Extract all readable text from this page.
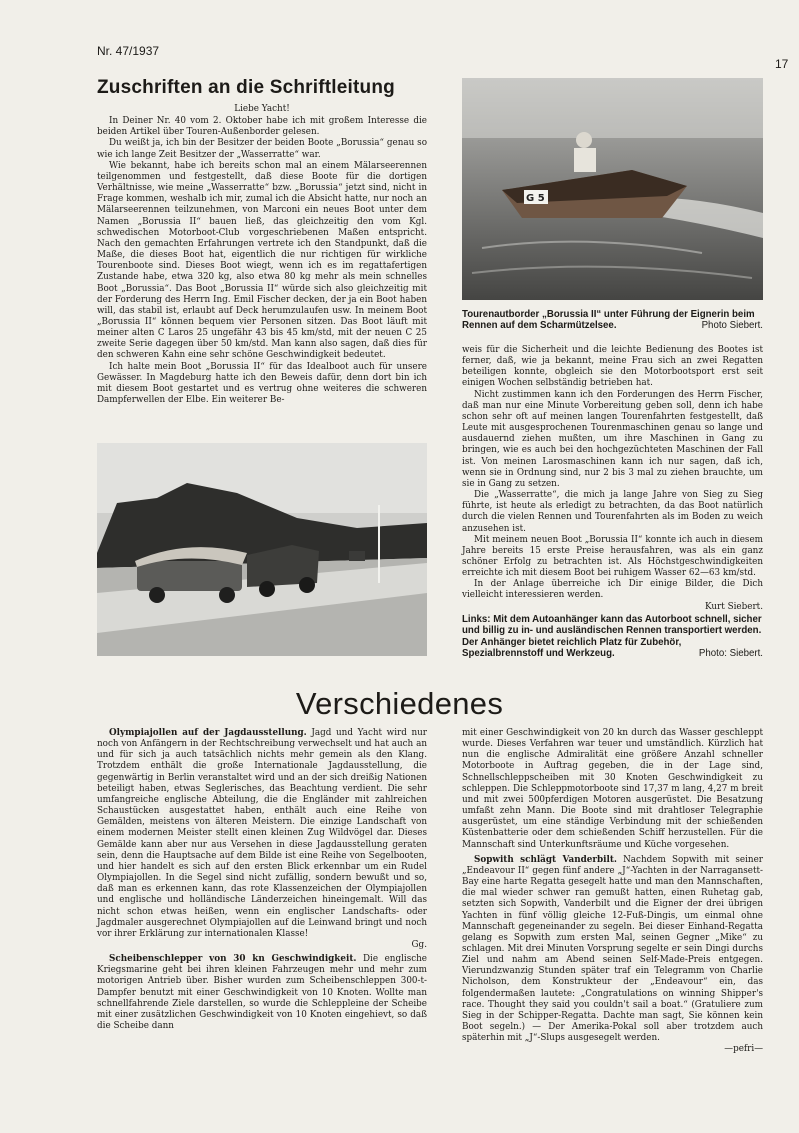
Nr. 47/1937
17
Zuschriften an die Schriftleitung

Liebe Yacht!

In Deiner Nr. 40 vom 2. Oktober habe ich mit großem Interesse die beiden Artikel über Touren-Außenborder gelesen.

Du weißt ja, ich bin der Besitzer der beiden Boote „Borussia“ genau so wie ich lange Zeit Besitzer der „Wasserratte“ war.

Wie bekannt, habe ich bereits schon mal an einem Mälarseerennen teilgenommen und festgestellt, daß diese Boote für die dortigen Verhältnisse, wie meine „Wasserratte“ bzw. „Borussia“ jetzt sind, nicht in Frage kommen, weshalb ich mir, zumal ich die Absicht hatte, nur noch an Mälarseerennen teilzunehmen, von Marconi ein neues Boot unter dem Namen „Borussia II“ bauen ließ, das gleichzeitig den vom Kgl. schwedischen Motorboot-Club vorgeschriebenen Maßen entspricht. Nach den gemachten Erfahrungen vertrete ich den Standpunkt, daß die Maße, die dieses Boot hat, eigentlich die nur richtigen für wirkliche Tourenboote sind. Dieses Boot wiegt, wenn ich es im regattafertigen Zustande habe, etwa 320 kg, also etwa 80 kg mehr als mein schnelles Boot „Borussia“. Das Boot „Borussia II“ würde sich also gleichzeitig mit der Forderung des Herrn Ing. Emil Fischer decken, der ja ein Boot haben will, das stabil ist, erlaubt auf Deck herumzulaufen usw. In meinem Boot „Borussia II“ können bequem vier Personen sitzen. Das Boot läuft mit meiner alten C Laros 25 ungefähr 43 bis 45 km/std, mit der neuen C 25 zweite Serie dagegen über 50 km/std. Man kann also sagen, daß dies für den schweren Kahn eine sehr schöne Geschwindigkeit bedeutet.

Ich halte mein Boot „Borussia II“ für das Idealboot auch für unsere Gewässer. In Magdeburg hatte ich den Beweis dafür, denn dort bin ich mit diesem Boot gestartet und es vertrug ohne weiteres die schweren Dampferwellen der Elbe. Ein weiterer Be-

G 5
Tourenautborder „Borussia II“ unter Führung der Eignerin beim Rennen auf dem Scharmützelsee.	Photo Siebert.

weis für die Sicherheit und die leichte Bedienung des Bootes ist ferner, daß, wie ja bekannt, meine Frau sich an zwei Regatten beteiligen konnte, obgleich sie den Motorbootsport erst seit einigen Wochen selbständig betrieben hat.

Nicht zustimmen kann ich den Forderungen des Herrn Fischer, daß man nur eine Minute Vorbereitung geben soll, denn ich habe schon sehr oft auf meinen langen Tourenfahrten festgestellt, daß Leute mit ausgesprochenen Tourenmaschinen genau so lange und ausdauernd ziehen mußten, um ihre Maschinen in Gang zu bringen, wie es auch bei den hochgezüchteten Maschinen der Fall ist. Von meinen Larosmaschinen kann ich nur sagen, daß ich, wenn sie in Ordnung sind, nur 2 bis 3 mal zu ziehen brauchte, um sie in Gang zu setzen.

Die „Wasserratte“, die mich ja lange Jahre von Sieg zu Sieg führte, ist heute als erledigt zu betrachten, da das Boot natürlich durch die vielen Rennen und Tourenfahrten als im Boden zu weich anzusehen ist.

Mit meinem neuen Boot „Borussia II“ konnte ich auch in diesem Jahre bereits 15 erste Preise herausfahren, was als ein ganz schöner Erfolg zu betrachten ist. Als Höchstgeschwindigkeiten erreichte ich mit diesem Boot bei ruhigem Wasser 62—63 km/std.

In der Anlage überreiche ich Dir einige Bilder, die Dich vielleicht interessieren werden.

Kurt Siebert.
Links: Mit dem Autoanhänger kann das Autorboot schnell, sicher und billig zu in- und ausländischen Rennen transportiert werden. Der Anhänger bietet reichlich Platz für Zubehör, Spezialbrennstoff und Werkzeug.	Photo: Siebert.
Verschiedenes

Olympiajollen auf der Jagdausstellung. Jagd und Yacht wird nur noch von Anfängern in der Rechtschreibung verwechselt und hat auch an und für sich ja auch tatsächlich nichts mehr gemein als den Klang. Trotzdem enthält die große Internationale Jagdausstellung, die gegenwärtig in Berlin veranstaltet wird und an der sich dreißig Nationen beteiligt haben, etwas Seglerisches, das Beachtung verdient. Die sehr umfangreiche englische Abteilung, die die Engländer mit zahlreichen Schaustücken ausgestattet haben, enthält auch eine Reihe von Gemälden, meistens von älteren Meistern. Die einzige Landschaft von einem modernen Meister stellt einen kleinen Zug Wildvögel dar. Dieses Gemälde kann aber nur aus Versehen in diese Jagdausstellung geraten sein, denn die Hauptsache auf dem Bilde ist eine Reihe von Segelbooten, und hier handelt es sich auf den ersten Blick erkennbar um ein Rudel Olympiajollen. In die Segel sind nicht zufällig, sondern bewußt und so, daß man es erkennen kann, das rote Klassenzeichen der Olympiajollen und englische und holländische Länderzeichen hineingemalt. Will das nicht schon etwas heißen, wenn ein englischer Landschafts- oder Jagdmaler ausgerechnet Olympiajollen auf die Leinwand bringt und noch vor ihrer Erklärung zur internationalen Klasse!

Gg.

Scheibenschlepper von 30 kn Geschwindigkeit. Die englische Kriegsmarine geht bei ihren kleinen Fahrzeugen mehr und mehr zum motorigen Antrieb über. Bisher wurden zum Scheibenschleppen 300-t-Dampfer benutzt mit einer Geschwindigkeit von 10 Knoten. Wollte man schnellfahrende Ziele darstellen, so wurde die Schleppleine der Scheibe mit einer zusätzlichen Geschwindigkeit von 10 Knoten eingehievt, so daß die Scheibe dann

mit einer Geschwindigkeit von 20 kn durch das Wasser geschleppt wurde. Dieses Verfahren war teuer und umständlich. Kürzlich hat nun die englische Admiralität eine größere Anzahl schneller Motorboote in Auftrag gegeben, die in der Lage sind, Schnellschleppscheiben mit 30 Knoten Geschwindigkeit zu schleppen. Die Schleppmotorboote sind 17,37 m lang, 4,27 m breit und mit zwei 500pferdigen Motoren ausgerüstet. Die Besatzung umfaßt zehn Mann. Die Boote sind mit drahtloser Telegraphie ausgerüstet, um eine ständige Verbindung mit der schießenden Küstenbatterie oder dem schießenden Schiff herzustellen. Für die Mannschaft sind Unterkunftsräume und Küche vorgesehen.

Sopwith schlägt Vanderbilt. Nachdem Sopwith mit seiner „Endeavour II“ gegen fünf andere „J“-Yachten in der Narragansett-Bay eine harte Regatta gesegelt hatte und man den Mannschaften, die mal wieder schwer ran gemußt hatten, einen Ruhetag gab, setzten sich Sopwith, Vanderbilt und die Eigner der drei übrigen Yachten in fünf völlig gleiche 12-Fuß-Dingis, um einmal ohne Mannschaft gegeneinander zu segeln. Bei dieser Einhand-Regatta gelang es Sopwith zum ersten Mal, seinen Gegner „Mike“ zu schlagen. Mit drei Minuten Vorsprung segelte er sein Dingi durchs Ziel und nahm am Abend seinen Self-Made-Preis entgegen. Vierundzwanzig Stunden später traf ein Telegramm von Charlie Nicholson, dem Konstrukteur der „Endeavour“ ein, das folgendermaßen lautete: „Congratulations on winning Shipper's race. Thought they said you couldn't sail a boat.“ (Gratuliere zum Sieg in der Schipper-Regatta. Dachte man sagt, Sie können kein Boot segeln.) — Der Amerika-Pokal soll aber trotzdem auch späterhin mit „J“-Slups ausgesegelt werden.

—pefri—
